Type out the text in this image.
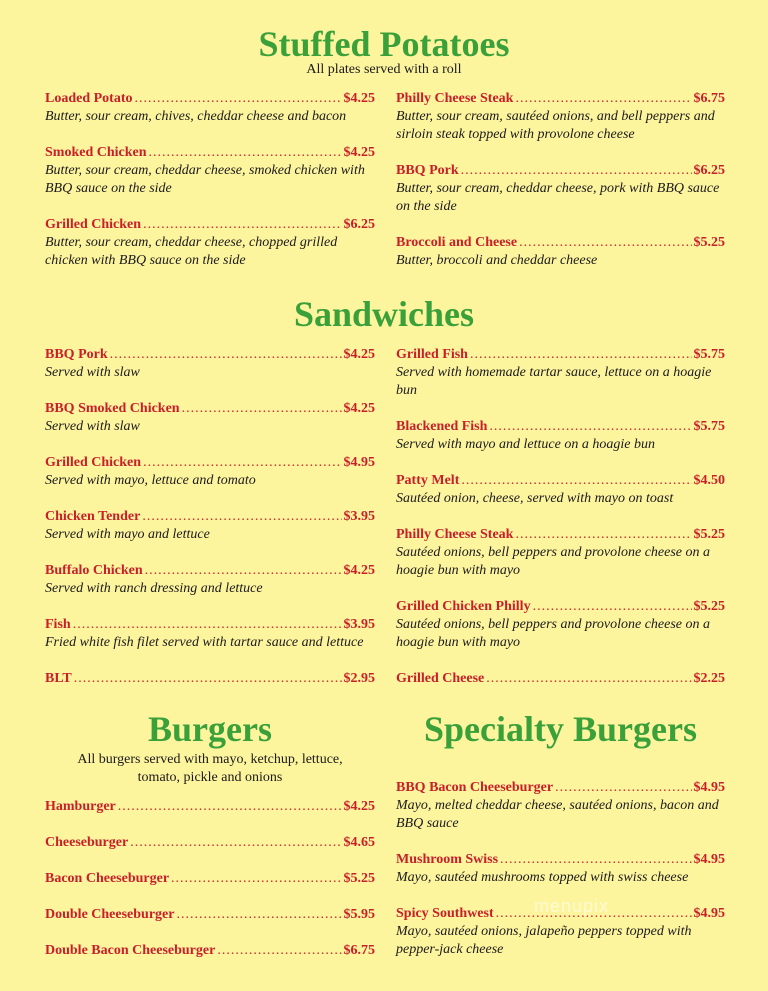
Stuffed Potatoes
All plates served with a roll
Loaded Potato .....	$4.25
Butter, sour cream, chives, cheddar cheese and bacon
Smoked Chicken .....	$4.25
Butter, sour cream, cheddar cheese, smoked chicken with BBQ sauce on the side
Grilled Chicken .....	$6.25
Butter, sour cream, cheddar cheese, chopped grilled chicken with BBQ sauce on the side
Philly Cheese Steak .....	$6.75
Butter, sour cream, sautéed onions, and bell peppers and sirloin steak topped with provolone cheese
BBQ Pork .....	$6.25
Butter, sour cream, cheddar cheese, pork with BBQ sauce on the side
Broccoli and Cheese .....	$5.25
Butter, broccoli and cheddar cheese
Sandwiches
BBQ Pork .....	$4.25
Served with slaw
BBQ Smoked Chicken .....	$4.25
Served with slaw
Grilled Chicken .....	$4.95
Served with mayo, lettuce and tomato
Chicken Tender .....	$3.95
Served with mayo and lettuce
Buffalo Chicken .....	$4.25
Served with ranch dressing and lettuce
Fish .....	$3.95
Fried white fish filet served with tartar sauce and lettuce
BLT .....	$2.95
Grilled Fish .....	$5.75
Served with homemade tartar sauce, lettuce on a hoagie bun
Blackened Fish .....	$5.75
Served with mayo and lettuce on a hoagie bun
Patty Melt .....	$4.50
Sautéed onion, cheese, served with mayo on toast
Philly Cheese Steak .....	$5.25
Sautéed onions, bell peppers and provolone cheese on a hoagie bun with mayo
Grilled Chicken Philly .....	$5.25
Sautéed onions, bell peppers and provolone cheese on a hoagie bun with mayo
Grilled Cheese .....	$2.25
Burgers
All burgers served with mayo, ketchup, lettuce,
tomato, pickle and onions
Hamburger .....	$4.25
Cheeseburger .....	$4.65
Bacon Cheeseburger .....	$5.25
Double Cheeseburger .....	$5.95
Double Bacon Cheeseburger .....	$6.75
Specialty Burgers
BBQ Bacon Cheeseburger .....	$4.95
Mayo, melted cheddar cheese, sautéed onions, bacon and BBQ sauce
Mushroom Swiss .....	$4.95
Mayo, sautéed mushrooms topped with swiss cheese
Spicy Southwest .....	$4.95
Mayo, sautéed onions, jalapeño peppers topped with pepper-jack cheese
menupix
